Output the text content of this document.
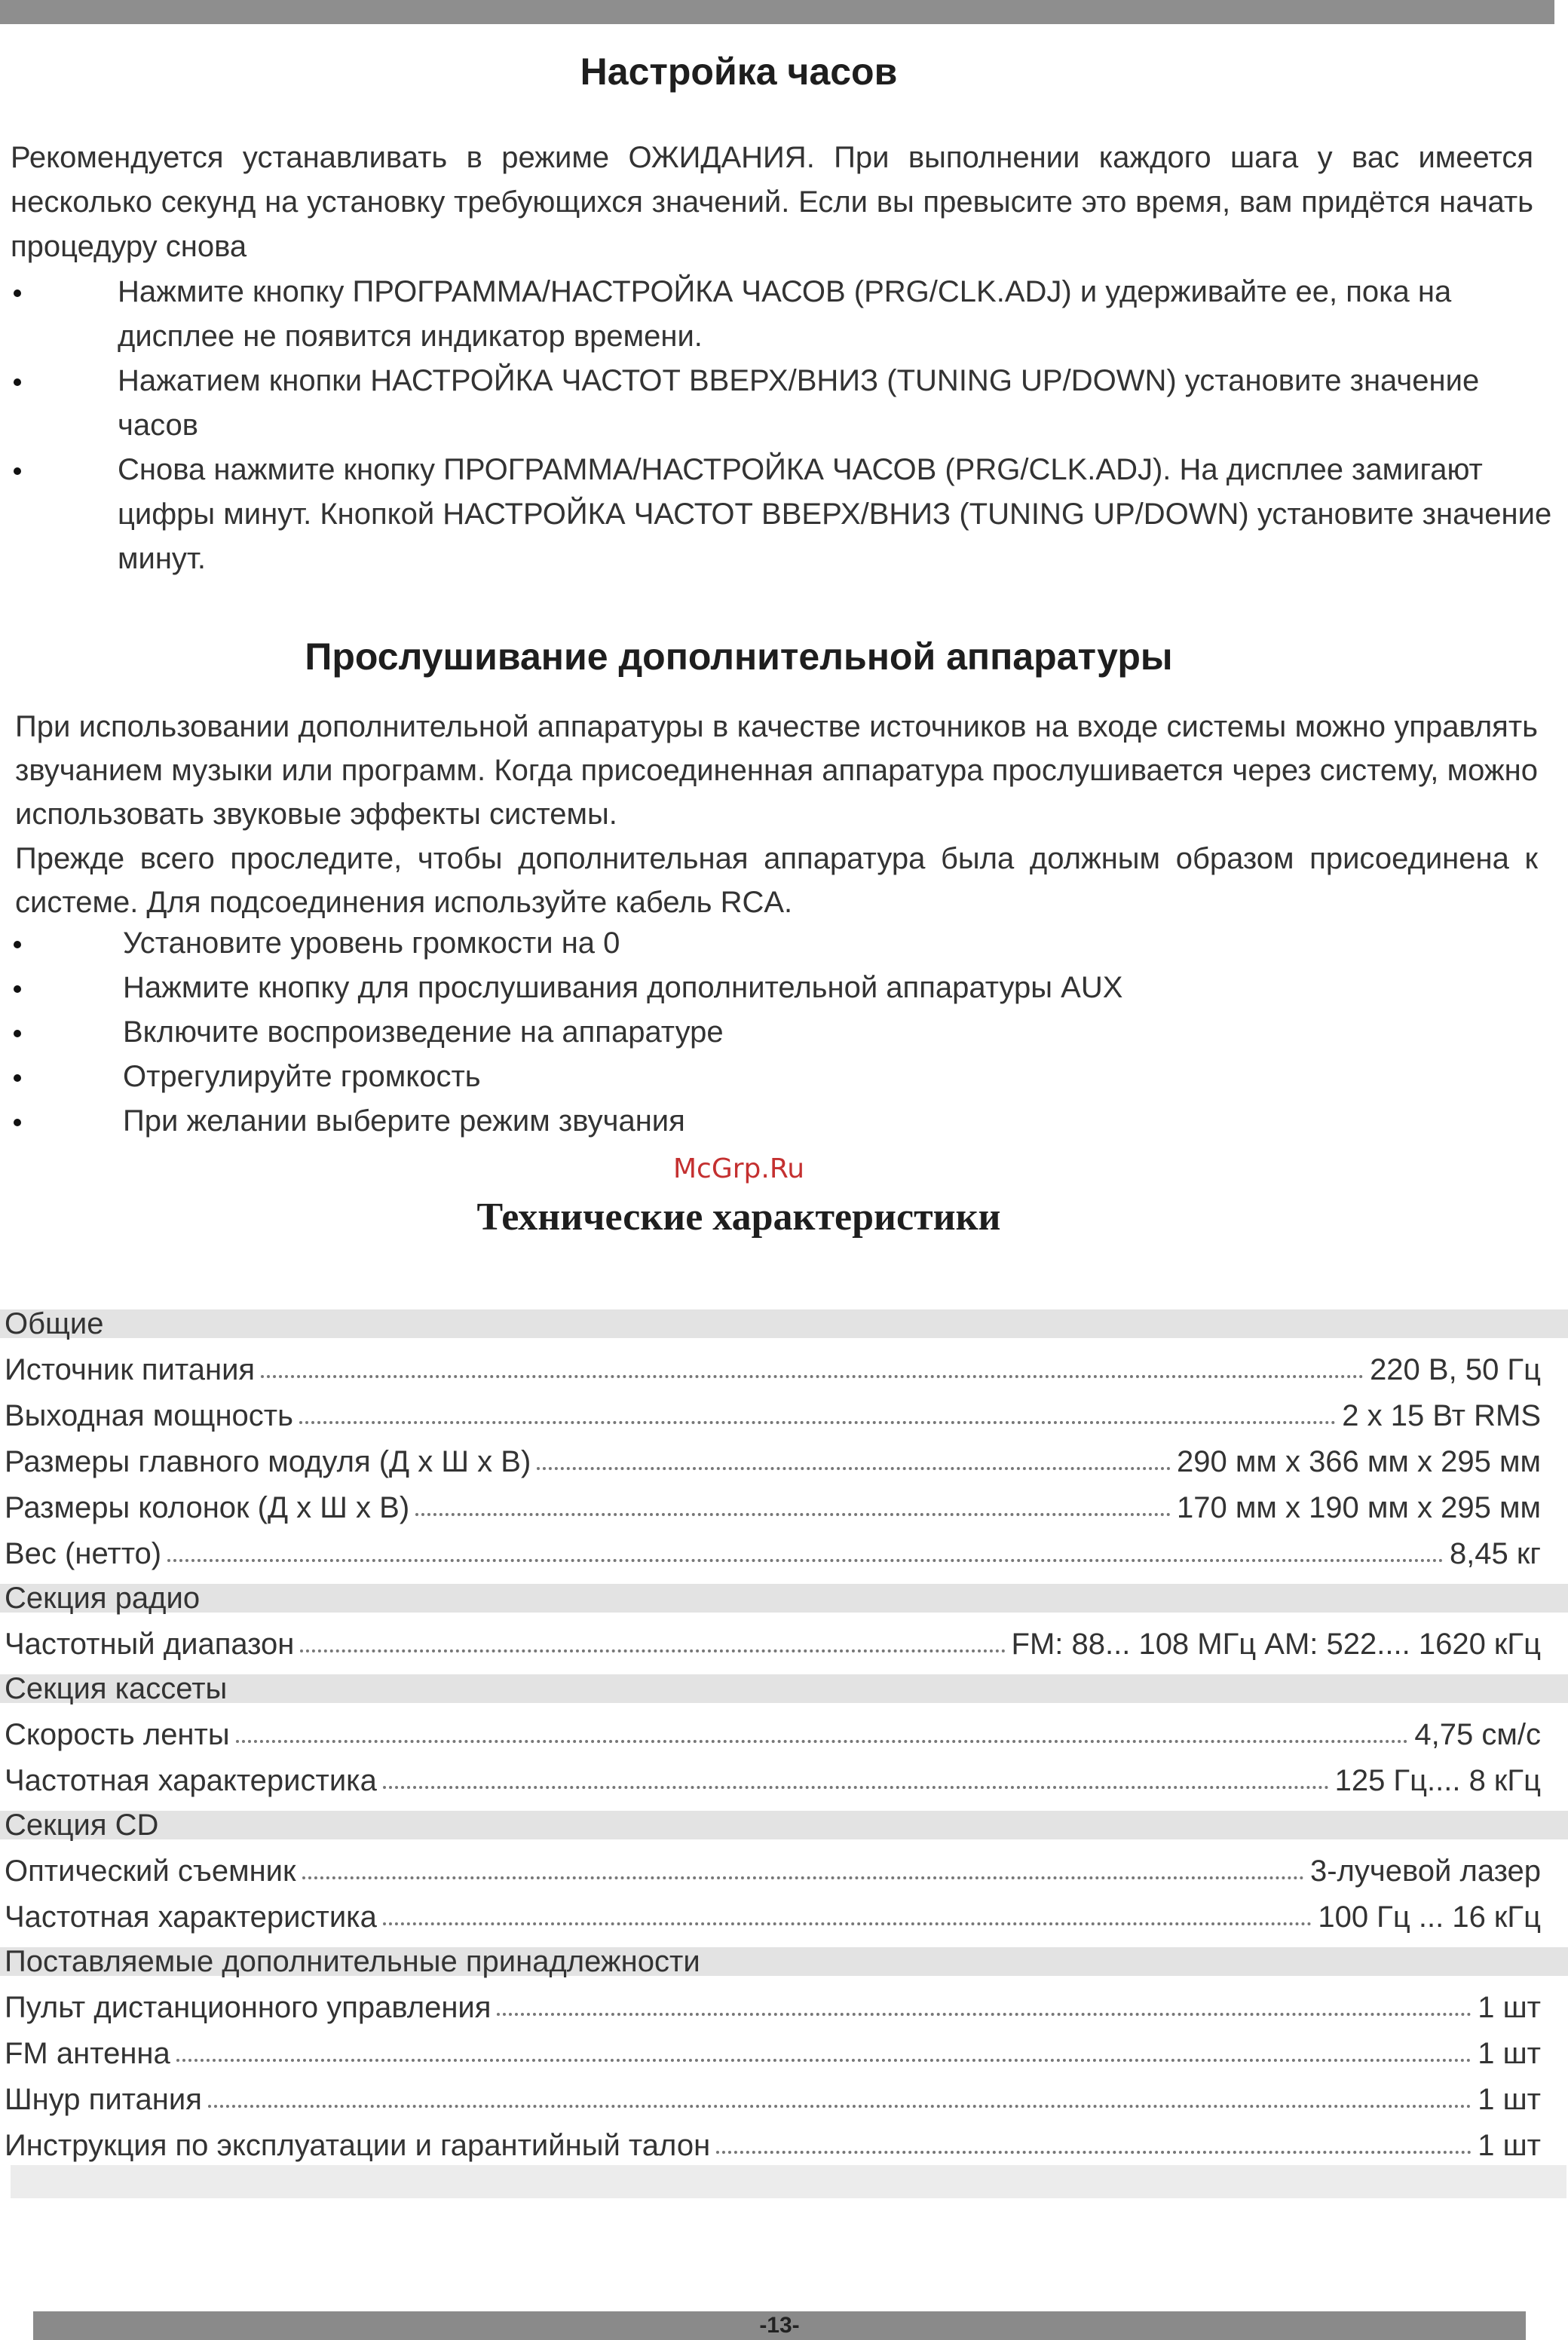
Настройка часов
Рекомендуется устанавливать в режиме ОЖИДАНИЯ. При выполнении каждого шага у вас имеется несколько секунд на установку требующихся значений. Если вы превысите это время, вам придётся начать процедуру снова
Нажмите кнопку ПРОГРАММА/НАСТРОЙКА ЧАСОВ (PRG/CLK.ADJ) и удерживайте ее, пока на дисплее не появится индикатор времени.
Нажатием кнопки НАСТРОЙКА ЧАСТОТ ВВЕРХ/ВНИЗ (TUNING UP/DOWN) установите значение часов
Снова нажмите кнопку ПРОГРАММА/НАСТРОЙКА ЧАСОВ (PRG/CLK.ADJ). На дисплее замигают цифры минут. Кнопкой НАСТРОЙКА ЧАСТОТ ВВЕРХ/ВНИЗ (TUNING UP/DOWN) установите значение минут.
Прослушивание дополнительной аппаратуры
При использовании дополнительной аппаратуры в качестве источников на входе системы можно управлять звучанием музыки или программ. Когда присоединенная аппаратура прослушивается через систему, можно использовать звуковые эффекты системы.
Прежде всего проследите, чтобы дополнительная аппаратура была должным образом присоединена к системе. Для подсоединения используйте кабель RCA.
Установите уровень громкости на 0
Нажмите кнопку для прослушивания дополнительной аппаратуры AUX
Включите воспроизведение на аппаратуре
Отрегулируйте громкость
При желании выберите режим звучания
McGrp.Ru
Технические характеристики
Общие
Источник питания	220 В, 50 Гц
Выходная мощность	2 х 15 Вт RMS
Размеры главного модуля (Д х Ш х В)	290 мм х 366 мм х 295 мм
Размеры колонок (Д х Ш х В)	170 мм х 190 мм х 295 мм
Вес (нетто)	8,45 кг
Секция радио
Частотный диапазон	FM: 88... 108 МГц AM: 522.... 1620 кГц
Секция кассеты
Скорость ленты	4,75 см/с
Частотная характеристика	125 Гц.... 8 кГц
Секция CD
Оптический съемник	3-лучевой лазер
Частотная характеристика	100 Гц ... 16 кГц
Поставляемые дополнительные принадлежности
Пульт дистанционного управления	1 шт
FM антенна	1 шт
Шнур питания	1 шт
Инструкция по эксплуатации и гарантийный талон	1 шт
-13-
